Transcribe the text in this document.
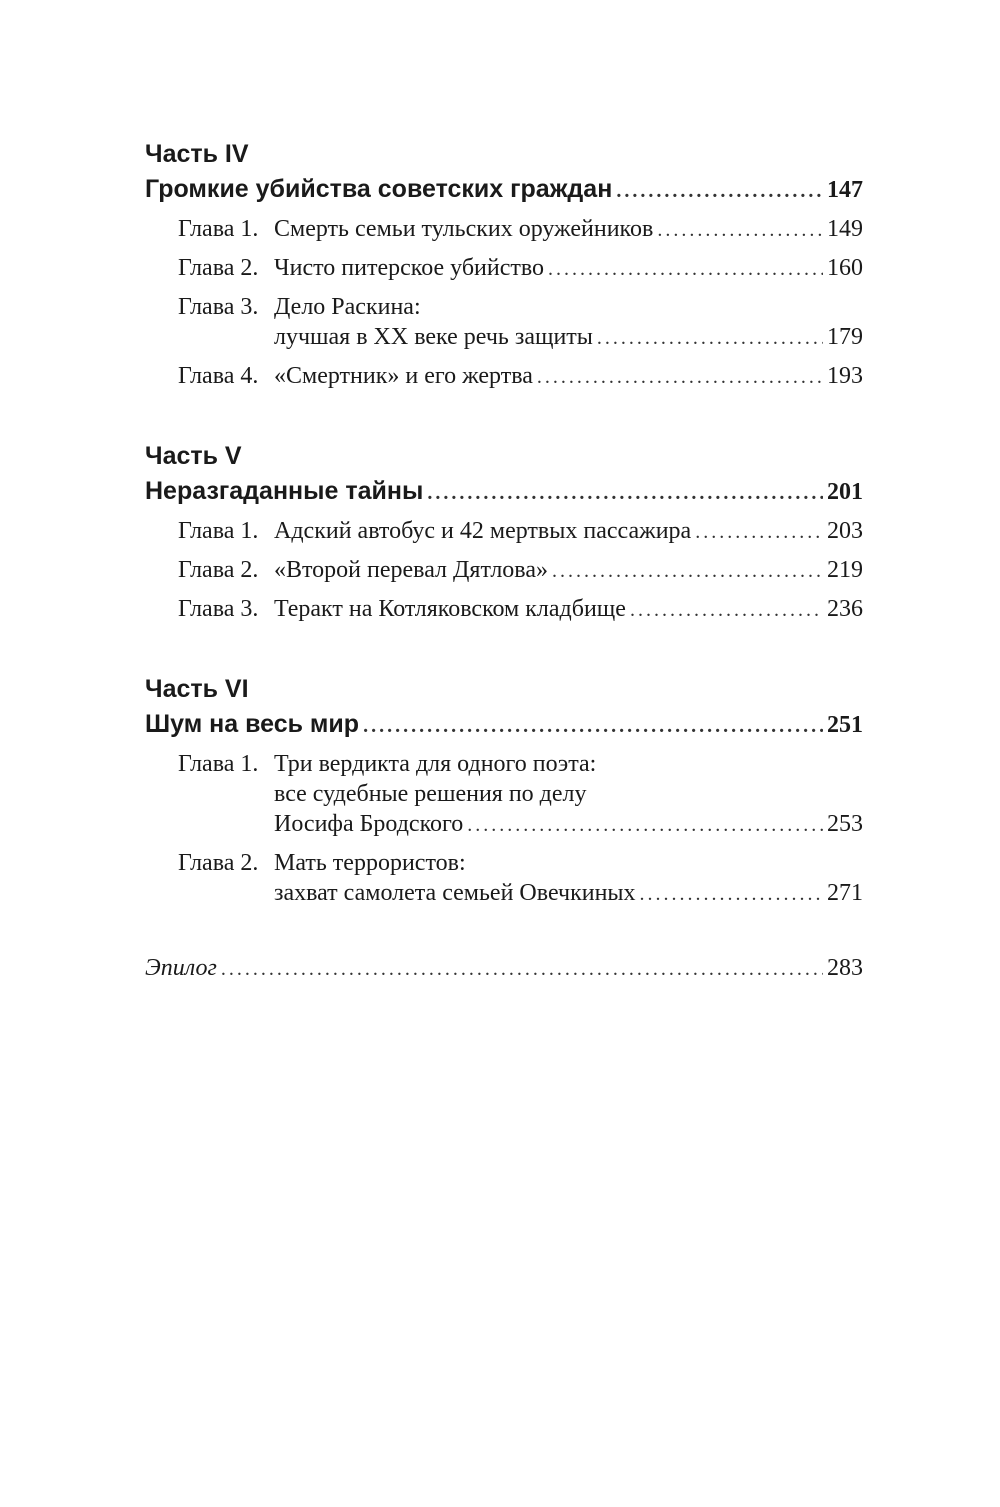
Часть IV
Громкие убийства советских граждан .....	147
Глава 1. Смерть семьи тульских оружейников .....	149
Глава 2. Чисто питерское убийство .....	160
Глава 3. Дело Раскина:
лучшая в XX веке речь защиты .....	179
Глава 4. «Смертник» и его жертва .....	193
Часть V
Неразгаданные тайны .....	201
Глава 1. Адский автобус и 42 мертвых пассажира .....	203
Глава 2. «Второй перевал Дятлова» .....	219
Глава 3. Теракт на Котляковском кладбище .....	236
Часть VI
Шум на весь мир .....	251
Глава 1. Три вердикта для одного поэта:
все судебные решения по делу
Иосифа Бродского .....	253
Глава 2. Мать террористов:
захват самолета семьей Овечкиных .....	271
Эпилог .....	283
